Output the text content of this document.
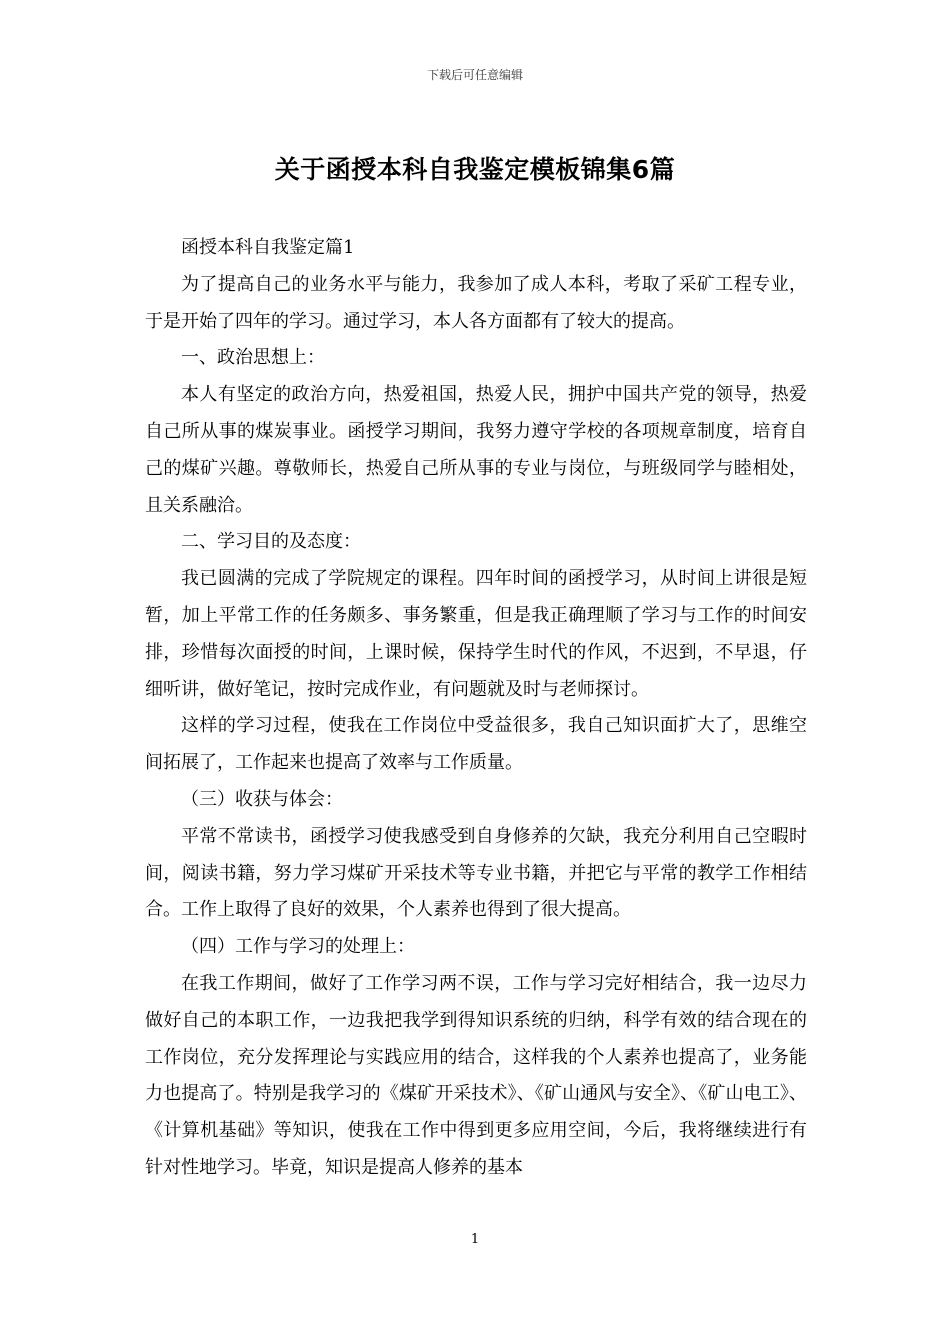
下载后可任意编辑
关于函授本科自我鉴定模板锦集6篇

函授本科自我鉴定篇1

为了提高自己的业务水平与能力，我参加了成人本科，考取了采矿工程专业，于是开始了四年的学习。通过学习，本人各方面都有了较大的提高。

一、政治思想上：

本人有坚定的政治方向，热爱祖国，热爱人民，拥护中国共产党的领导，热爱自己所从事的煤炭事业。函授学习期间，我努力遵守学校的各项规章制度，培育自己的煤矿兴趣。尊敬师长，热爱自己所从事的专业与岗位，与班级同学与睦相处，且关系融洽。

二、学习目的及态度：

我已圆满的完成了学院规定的课程。四年时间的函授学习，从时间上讲很是短暂，加上平常工作的任务颇多、事务繁重，但是我正确理顺了学习与工作的时间安排，珍惜每次面授的时间，上课时候，保持学生时代的作风，不迟到，不早退，仔细听讲，做好笔记，按时完成作业，有问题就及时与老师探讨。

这样的学习过程，使我在工作岗位中受益很多，我自己知识面扩大了，思维空间拓展了，工作起来也提高了效率与工作质量。

（三）收获与体会：

平常不常读书，函授学习使我感受到自身修养的欠缺，我充分利用自己空暇时间，阅读书籍，努力学习煤矿开采技术等专业书籍，并把它与平常的教学工作相结合。工作上取得了良好的效果，个人素养也得到了很大提高。

（四）工作与学习的处理上：

在我工作期间，做好了工作学习两不误，工作与学习完好相结合，我一边尽力做好自己的本职工作，一边我把我学到得知识系统的归纳，科学有效的结合现在的工作岗位，充分发挥理论与实践应用的结合，这样我的个人素养也提高了，业务能力也提高了。特别是我学习的《煤矿开采技术》、《矿山通风与安全》、《矿山电工》、《计算机基础》等知识，使我在工作中得到更多应用空间，今后，我将继续进行有针对性地学习。毕竟，知识是提高人修养的基本

1
